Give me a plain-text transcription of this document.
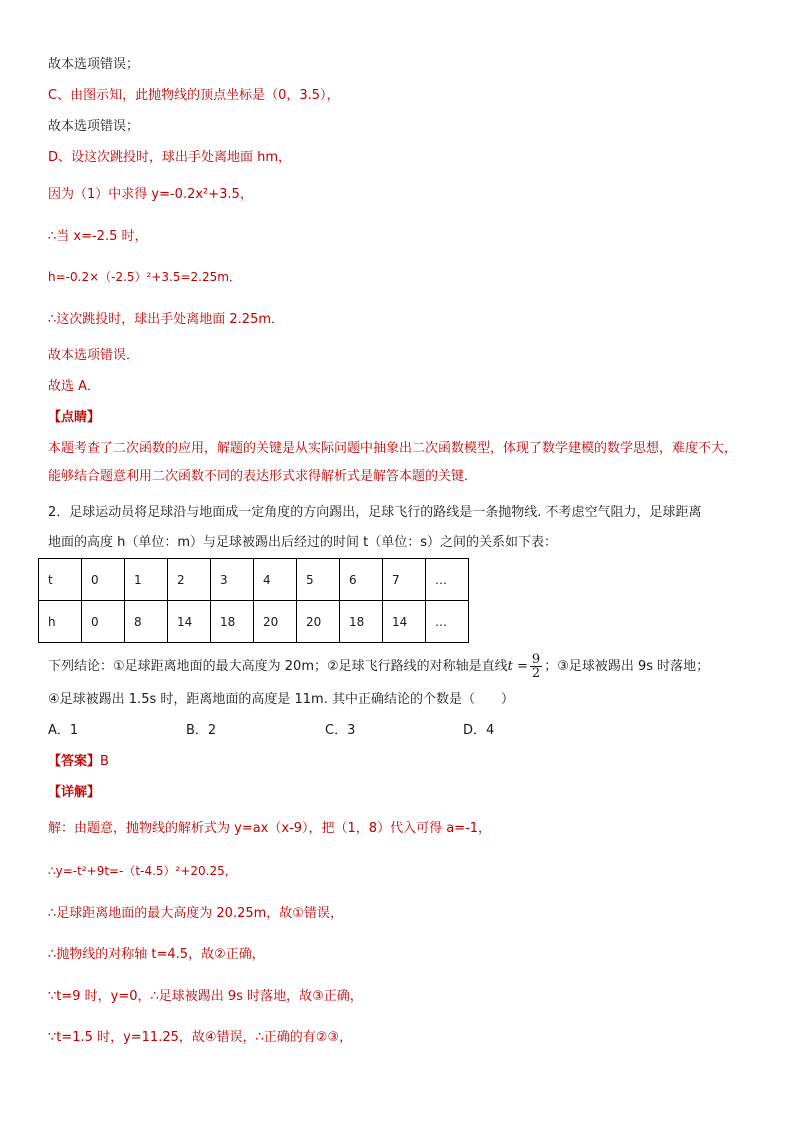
故本选项错误；
C、由图示知，此抛物线的顶点坐标是（0，3.5），
故本选项错误；
D、设这次跳投时，球出手处离地面 hm，
因为（1）中求得 y=-0.2x²+3.5，
∴当 x=-2.5 时，
h=-0.2×（-2.5）²+3.5=2.25m．
∴这次跳投时，球出手处离地面 2.25m．
故本选项错误．
故选 A．
【点睛】
本题考查了二次函数的应用，解题的关键是从实际问题中抽象出二次函数模型，体现了数学建模的数学思想，难度不大，能够结合题意利用二次函数不同的表达形式求得解析式是解答本题的关键．
2．足球运动员将足球沿与地面成一定角度的方向踢出，足球飞行的路线是一条抛物线. 不考虑空气阻力，足球距离
地面的高度 h（单位：m）与足球被踢出后经过的时间 t（单位：s）之间的关系如下表：
t	0	1	2	3	4	5	6	7	…
h	0	8	14	18	20	20	18	14	…
下列结论：①足球距离地面的最大高度为 20m；②足球飞行路线的对称轴是直线$t = \frac{9}{2}$ ；③足球被踢出 9s 时落地；
④足球被踢出 1.5s 时，距离地面的高度是 11m. 其中正确结论的个数是（　　）
A．1	B．2	C．3	D．4
【答案】B
【详解】
解：由题意，抛物线的解析式为 y=ax（x-9），把（1，8）代入可得 a=-1，
∴y=-t²+9t=-（t-4.5）²+20.25，
∴足球距离地面的最大高度为 20.25m，故①错误，
∴抛物线的对称轴 t=4.5，故②正确，
∵t=9 时，y=0，∴足球被踢出 9s 时落地，故③正确，
∵t=1.5 时，y=11.25，故④错误，∴正确的有②③，
